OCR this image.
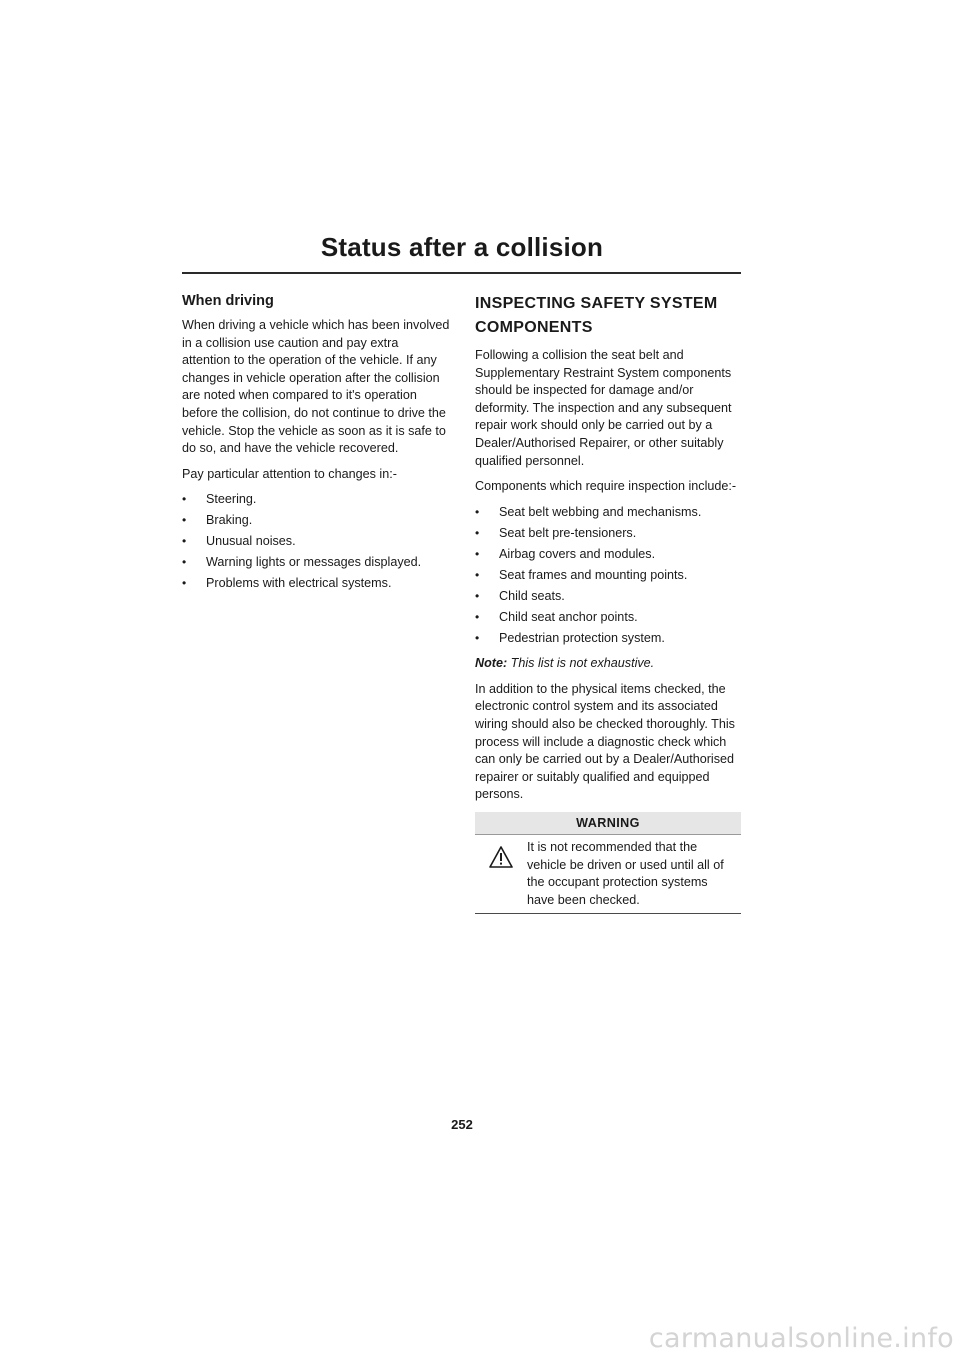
Status after a collision
When driving

When driving a vehicle which has been involved in a collision use caution and pay extra attention to the operation of the vehicle. If any changes in vehicle operation after the collision are noted when compared to it's operation before the collision, do not continue to drive the vehicle. Stop the vehicle as soon as it is safe to do so, and have the vehicle recovered.

Pay particular attention to changes in:-

• Steering.
• Braking.
• Unusual noises.
• Warning lights or messages displayed.
• Problems with electrical systems.
INSPECTING SAFETY SYSTEM COMPONENTS

Following a collision the seat belt and Supplementary Restraint System components should be inspected for damage and/or deformity. The inspection and any subsequent repair work should only be carried out by a Dealer/Authorised Repairer, or other suitably qualified personnel.

Components which require inspection include:-

• Seat belt webbing and mechanisms.
• Seat belt pre-tensioners.
• Airbag covers and modules.
• Seat frames and mounting points.
• Child seats.
• Child seat anchor points.
• Pedestrian protection system.

Note: This list is not exhaustive.

In addition to the physical items checked, the electronic control system and its associated wiring should also be checked thoroughly. This process will include a diagnostic check which can only be carried out by a Dealer/Authorised repairer or suitably qualified and equipped persons.

WARNING
It is not recommended that the vehicle be driven or used until all of the occupant protection systems have been checked.
252
carmanualsonline.info
